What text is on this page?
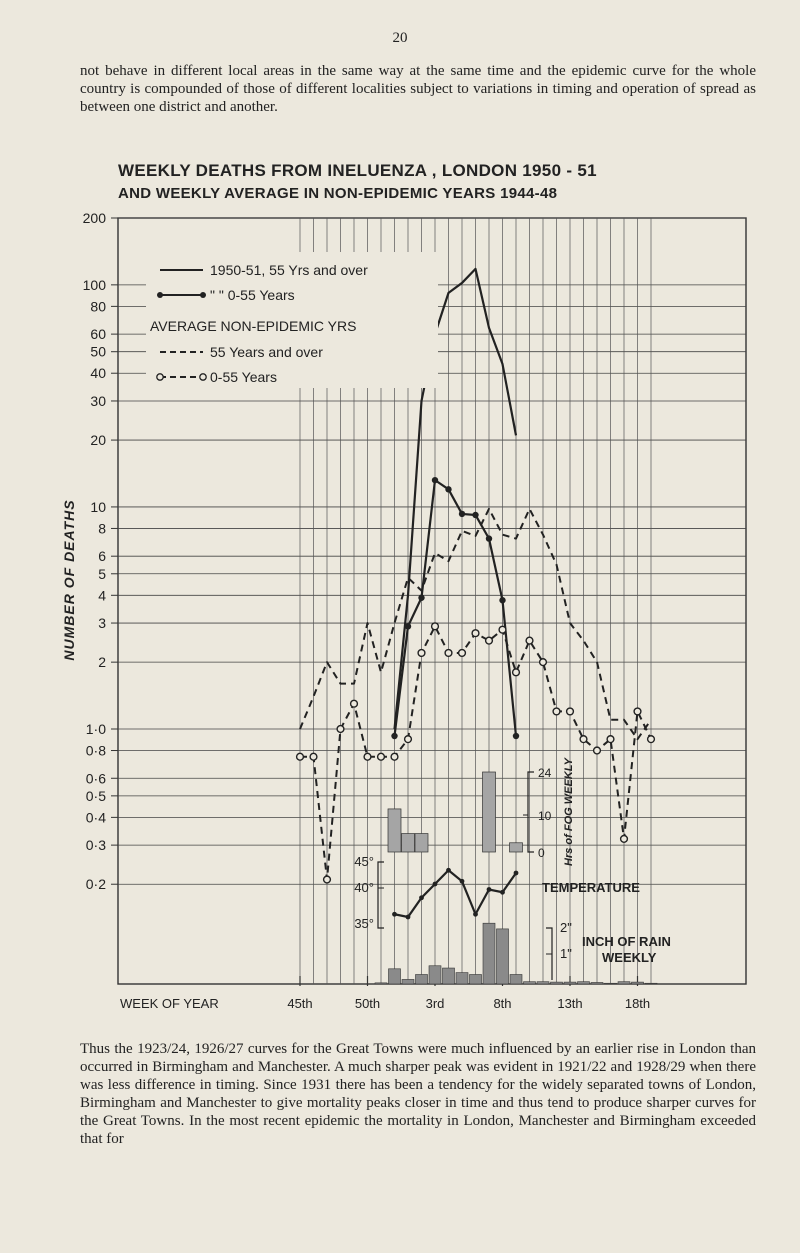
20

not behave in different local areas in the same way at the same time and the epidemic curve for the whole country is compounded of those of different localities subject to variations in timing and operation of spread as between one district and another.

WEEKLY DEATHS FROM INELUENZA , LONDON 1950 - 51
AND WEEKLY AVERAGE IN NON-EPIDEMIC YEARS 1944-48
200
100
80
60
50
40
30
20
10
8
6
5
4
3
2
1·0
0·8
0·6
0·5
0·4
0·3
0·2
45th	50th	3rd	8th	13th	18th
WEEK OF YEAR
NUMBER OF DEATHS
24
10
0 Hrs of FOG WEEKLY
45°
40°
35°
TEMPERATURE
2"
1"
INCH OF RAIN
WEEKLY
1950-51, 55 Yrs and over
" " 0-55 Years
AVERAGE NON-EPIDEMIC YRS
55 Years and over
0-55 Years

Thus the 1923/24, 1926/27 curves for the Great Towns were much influenced by an earlier rise in London than occurred in Birmingham and Manchester. A much sharper peak was evident in 1921/22 and 1928/29 when there was less difference in timing. Since 1931 there has been a tendency for the widely separated towns of London, Birmingham and Manchester to give mortality peaks closer in time and thus tend to produce sharper curves for the Great Towns. In the most recent epidemic the mortality in London, Manchester and Birmingham exceeded that for
